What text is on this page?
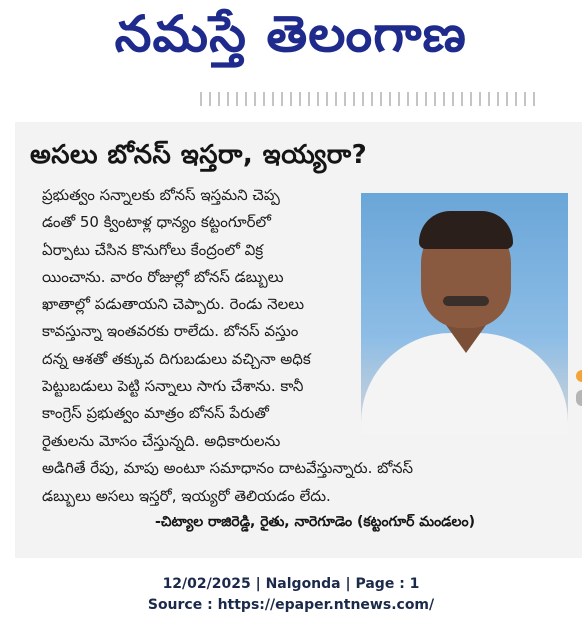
నమస్తే తెలంగాణ
అసలు బోనస్ ఇస్తరా, ఇయ్యరా?
ప్రభుత్వం సన్నాలకు బోనస్ ఇస్తమని చెప్ప
డంతో 50 క్వింటాళ్ల ధాన్యం కట్టంగూర్‌లో
ఏర్పాటు చేసిన కొనుగోలు కేంద్రంలో విక్ర
యించాను. వారం రోజుల్లో బోనస్ డబ్బులు
ఖాతాల్లో పడుతాయని చెప్పారు. రెండు నెలలు
కావస్తున్నా ఇంతవరకు రాలేదు. బోనస్ వస్తుం
దన్న ఆశతో తక్కువ దిగుబడులు వచ్చినా అధిక
పెట్టుబడులు పెట్టి సన్నాలు సాగు చేశాను. కానీ
కాంగ్రెస్ ప్రభుత్వం మాత్రం బోనస్ పేరుతో
రైతులను మోసం చేస్తున్నది. అధికారులను
అడిగితే రేపు, మాపు అంటూ సమాధానం దాటవేస్తున్నారు. బోనస్
డబ్బులు అసలు ఇస్తరో, ఇయ్యరో తెలియడం లేదు.
-చిట్యాల రాజిరెడ్డి, రైతు, నారెగూడెం (కట్టంగూర్ మండలం)
12/02/2025 | Nalgonda | Page : 1
Source : https://epaper.ntnews.com/
